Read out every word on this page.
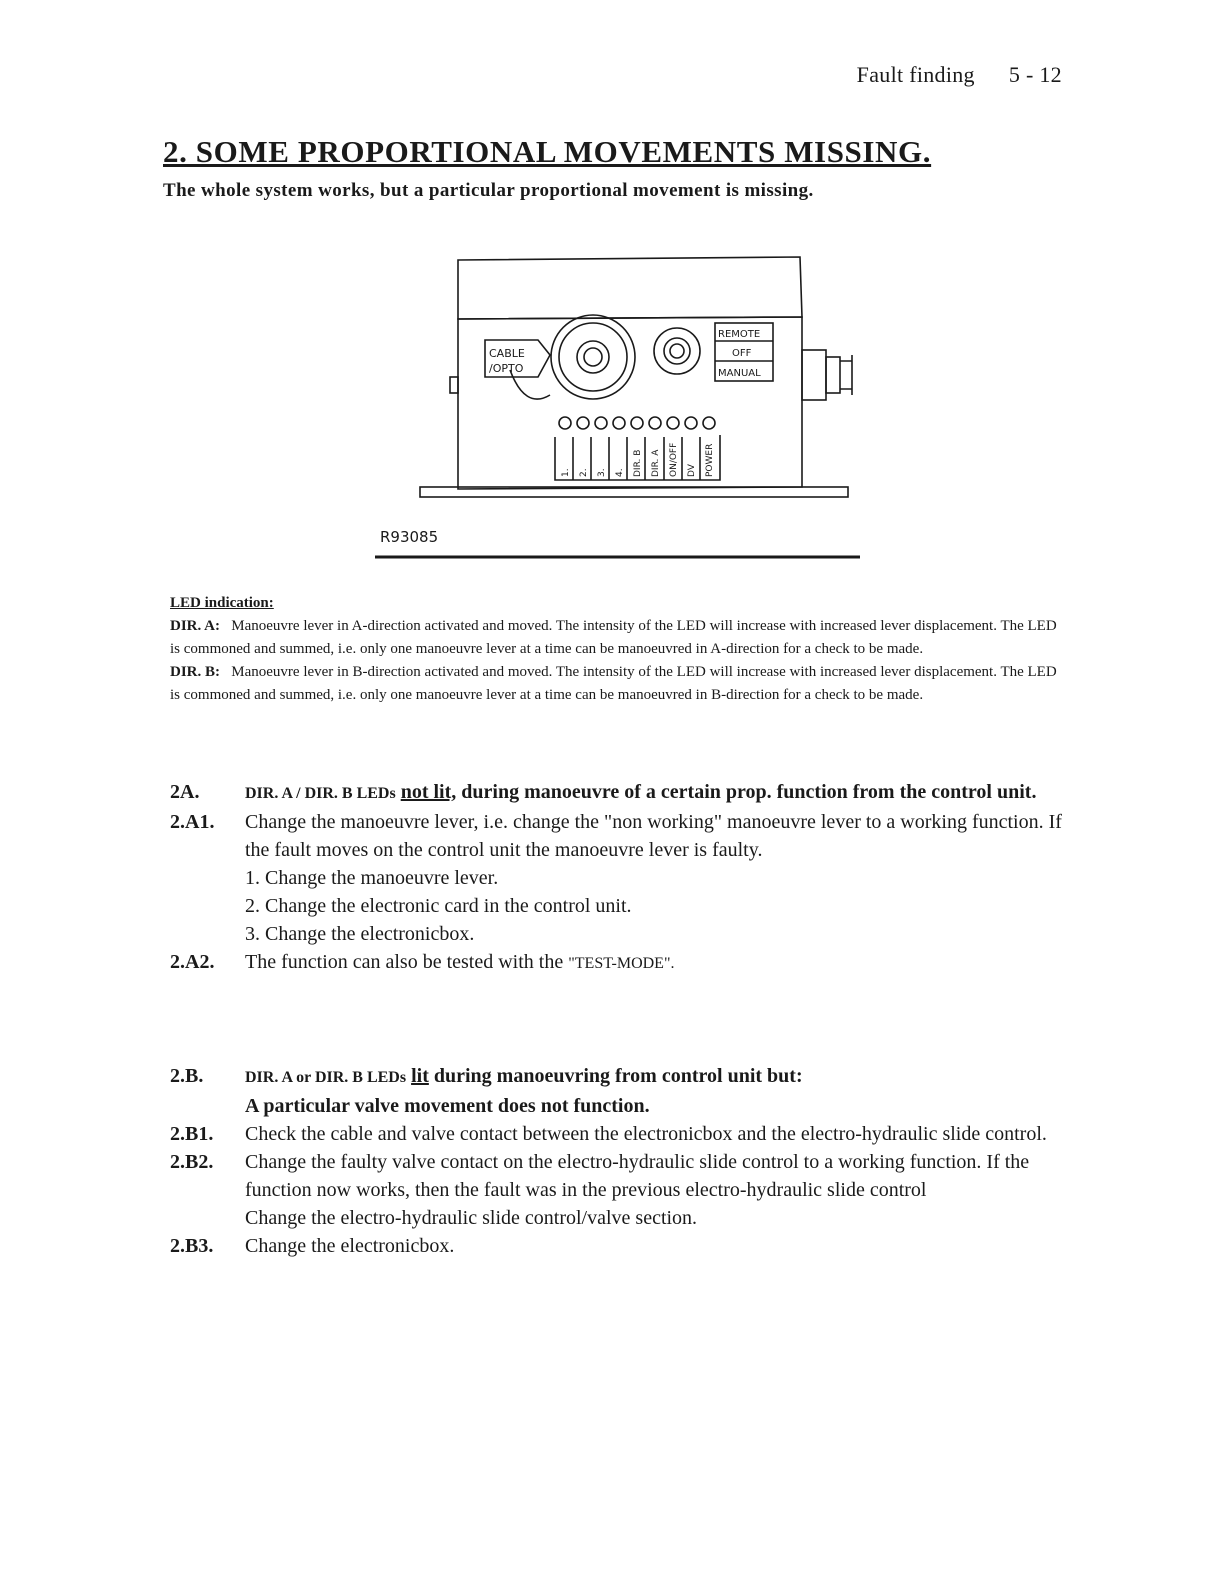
Fault finding 5 - 12
2. SOME PROPORTIONAL MOVEMENTS MISSING.
The whole system works, but a particular proportional movement is missing.
CABLE
/OPTO
REMOTE
OFF
MANUAL
1. 2. 3. 4. DIR. B DIR. A ON/OFF DV POWER
R93085
LED indication:
DIR. A: Manoeuvre lever in A-direction activated and moved. The intensity of the LED will increase with increased lever displacement. The LED is commoned and summed, i.e. only one manoeuvre lever at a time can be manoeuvred in A-direction for a check to be made.
DIR. B: Manoeuvre lever in B-direction activated and moved. The intensity of the LED will increase with increased lever displacement. The LED is commoned and summed, i.e. only one manoeuvre lever at a time can be manoeuvred in B-direction for a check to be made.
2A.	DIR. A / DIR. B LEDs not lit, during manoeuvre of a certain prop. function from the control unit.
2.A1.	Change the manoeuvre lever, i.e. change the "non working" manoeuvre lever to a working function. If the fault moves on the control unit the manoeuvre lever is faulty.
1. Change the manoeuvre lever.
2. Change the electronic card in the control unit.
3. Change the electronicbox.
2.A2.	The function can also be tested with the "TEST-MODE".
2.B.	DIR. A or DIR. B LEDs lit during manoeuvring from control unit but:
A particular valve movement does not function.
2.B1.	Check the cable and valve contact between the electronicbox and the electro-hydraulic slide control.
2.B2.	Change the faulty valve contact on the electro-hydraulic slide control to a working function. If the function now works, then the fault was in the previous electro-hydraulic slide control
Change the electro-hydraulic slide control/valve section.
2.B3.	Change the electronicbox.
